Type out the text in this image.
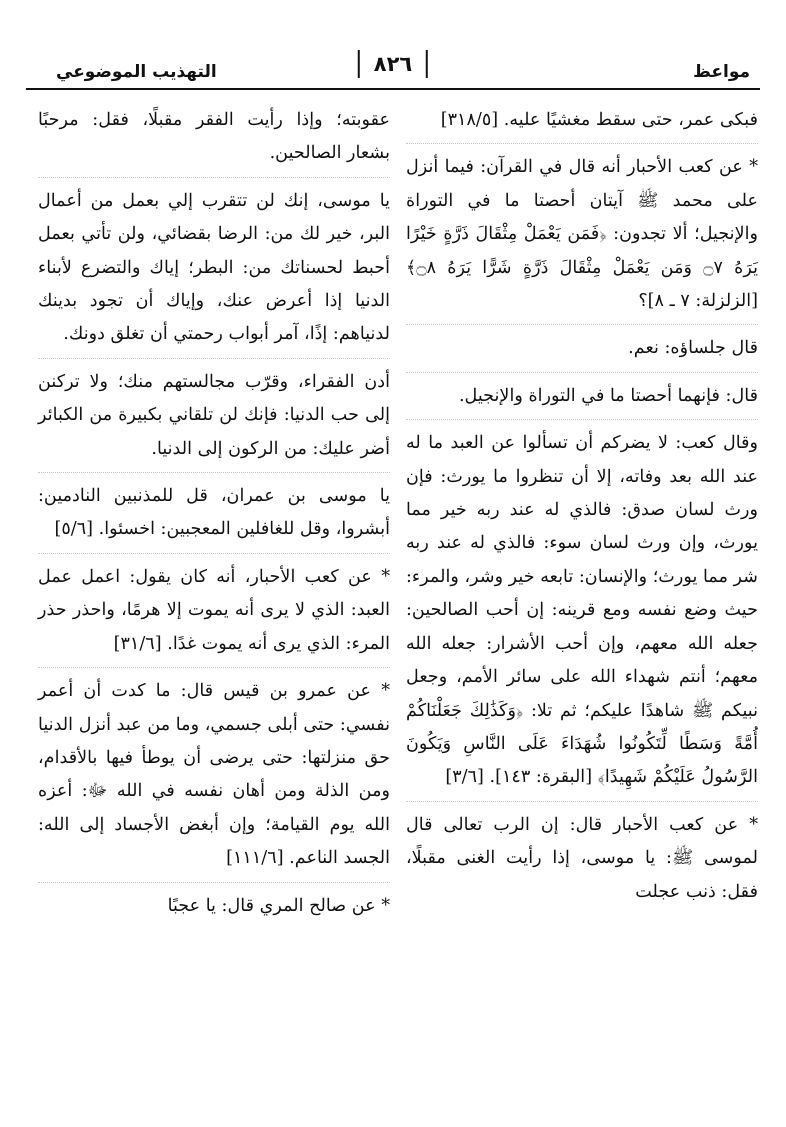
مواعظ
٨٢٦
التهذيب الموضوعي

فبكى عمر، حتى سقط مغشيًا عليه. [٣١٨/٥]

* عن كعب الأحبار أنه قال في القرآن: فيما أنزل على محمد ﷺ آيتان أحصتا ما في التوراة والإنجيل؛ ألا تجدون: ﴿فَمَن يَعْمَلْ مِثْقَالَ ذَرَّةٍ خَيْرًا يَرَهُ ۝٧ وَمَن يَعْمَلْ مِثْقَالَ ذَرَّةٍ شَرًّا يَرَهُ ۝٨﴾ [الزلزلة: ٧ ـ ٨]؟

قال جلساؤه: نعم.

قال: فإنهما أحصتا ما في التوراة والإنجيل.

وقال كعب: لا يضركم أن تسألوا عن العبد ما له عند الله بعد وفاته، إلا أن تنظروا ما يورث: فإن ورث لسان صدق: فالذي له عند ربه خير مما يورث، وإن ورث لسان سوء: فالذي له عند ربه شر مما يورث؛ والإنسان: تابعه خير وشر، والمرء: حيث وضع نفسه ومع قرينه: إن أحب الصالحين: جعله الله معهم، وإن أحب الأشرار: جعله الله معهم؛ أنتم شهداء الله على سائر الأمم، وجعل نبيكم ﷺ شاهدًا عليكم؛ ثم تلا: ﴿وَكَذَٰلِكَ جَعَلْنَاكُمْ أُمَّةً وَسَطًا لِّتَكُونُوا شُهَدَاءَ عَلَى النَّاسِ وَيَكُونَ الرَّسُولُ عَلَيْكُمْ شَهِيدًا﴾ [البقرة: ١٤٣]. [٣/٦]

* عن كعب الأحبار قال: إن الرب تعالى قال لموسى ﷺ: يا موسى، إذا رأيت الغنى مقبلًا، فقل: ذنب عجلت

عقوبته؛ وإذا رأيت الفقر مقبلًا، فقل: مرحبًا بشعار الصالحين.

يا موسى، إنك لن تتقرب إلي بعمل من أعمال البر، خير لك من: الرضا بقضائي، ولن تأتي بعمل أحبط لحسناتك من: البطر؛ إياك والتضرع لأبناء الدنيا إذا أعرض عنك، وإياك أن تجود بدينك لدنياهم: إذًا، آمر أبواب رحمتي أن تغلق دونك.

أدن الفقراء، وقرّب مجالستهم منك؛ ولا تركنن إلى حب الدنيا: فإنك لن تلقاني بكبيرة من الكبائر أضر عليك: من الركون إلى الدنيا.

يا موسى بن عمران، قل للمذنبين النادمين: أبشروا، وقل للغافلين المعجبين: اخسئوا. [٥/٦]

* عن كعب الأحبار، أنه كان يقول: اعمل عمل العبد: الذي لا يرى أنه يموت إلا هرمًا، واحذر حذر المرء: الذي يرى أنه يموت غدًا. [٣١/٦]

* عن عمرو بن قيس قال: ما كدت أن أعمر نفسي: حتى أبلى جسمي، وما من عبد أنزل الدنيا حق منزلتها: حتى يرضى أن يوطأ فيها بالأقدام، ومن الذلة ومن أهان نفسه في الله ﷻ: أعزه الله يوم القيامة؛ وإن أبغض الأجساد إلى الله: الجسد الناعم. [١١١/٦]

* عن صالح المري قال: يا عجبًا
